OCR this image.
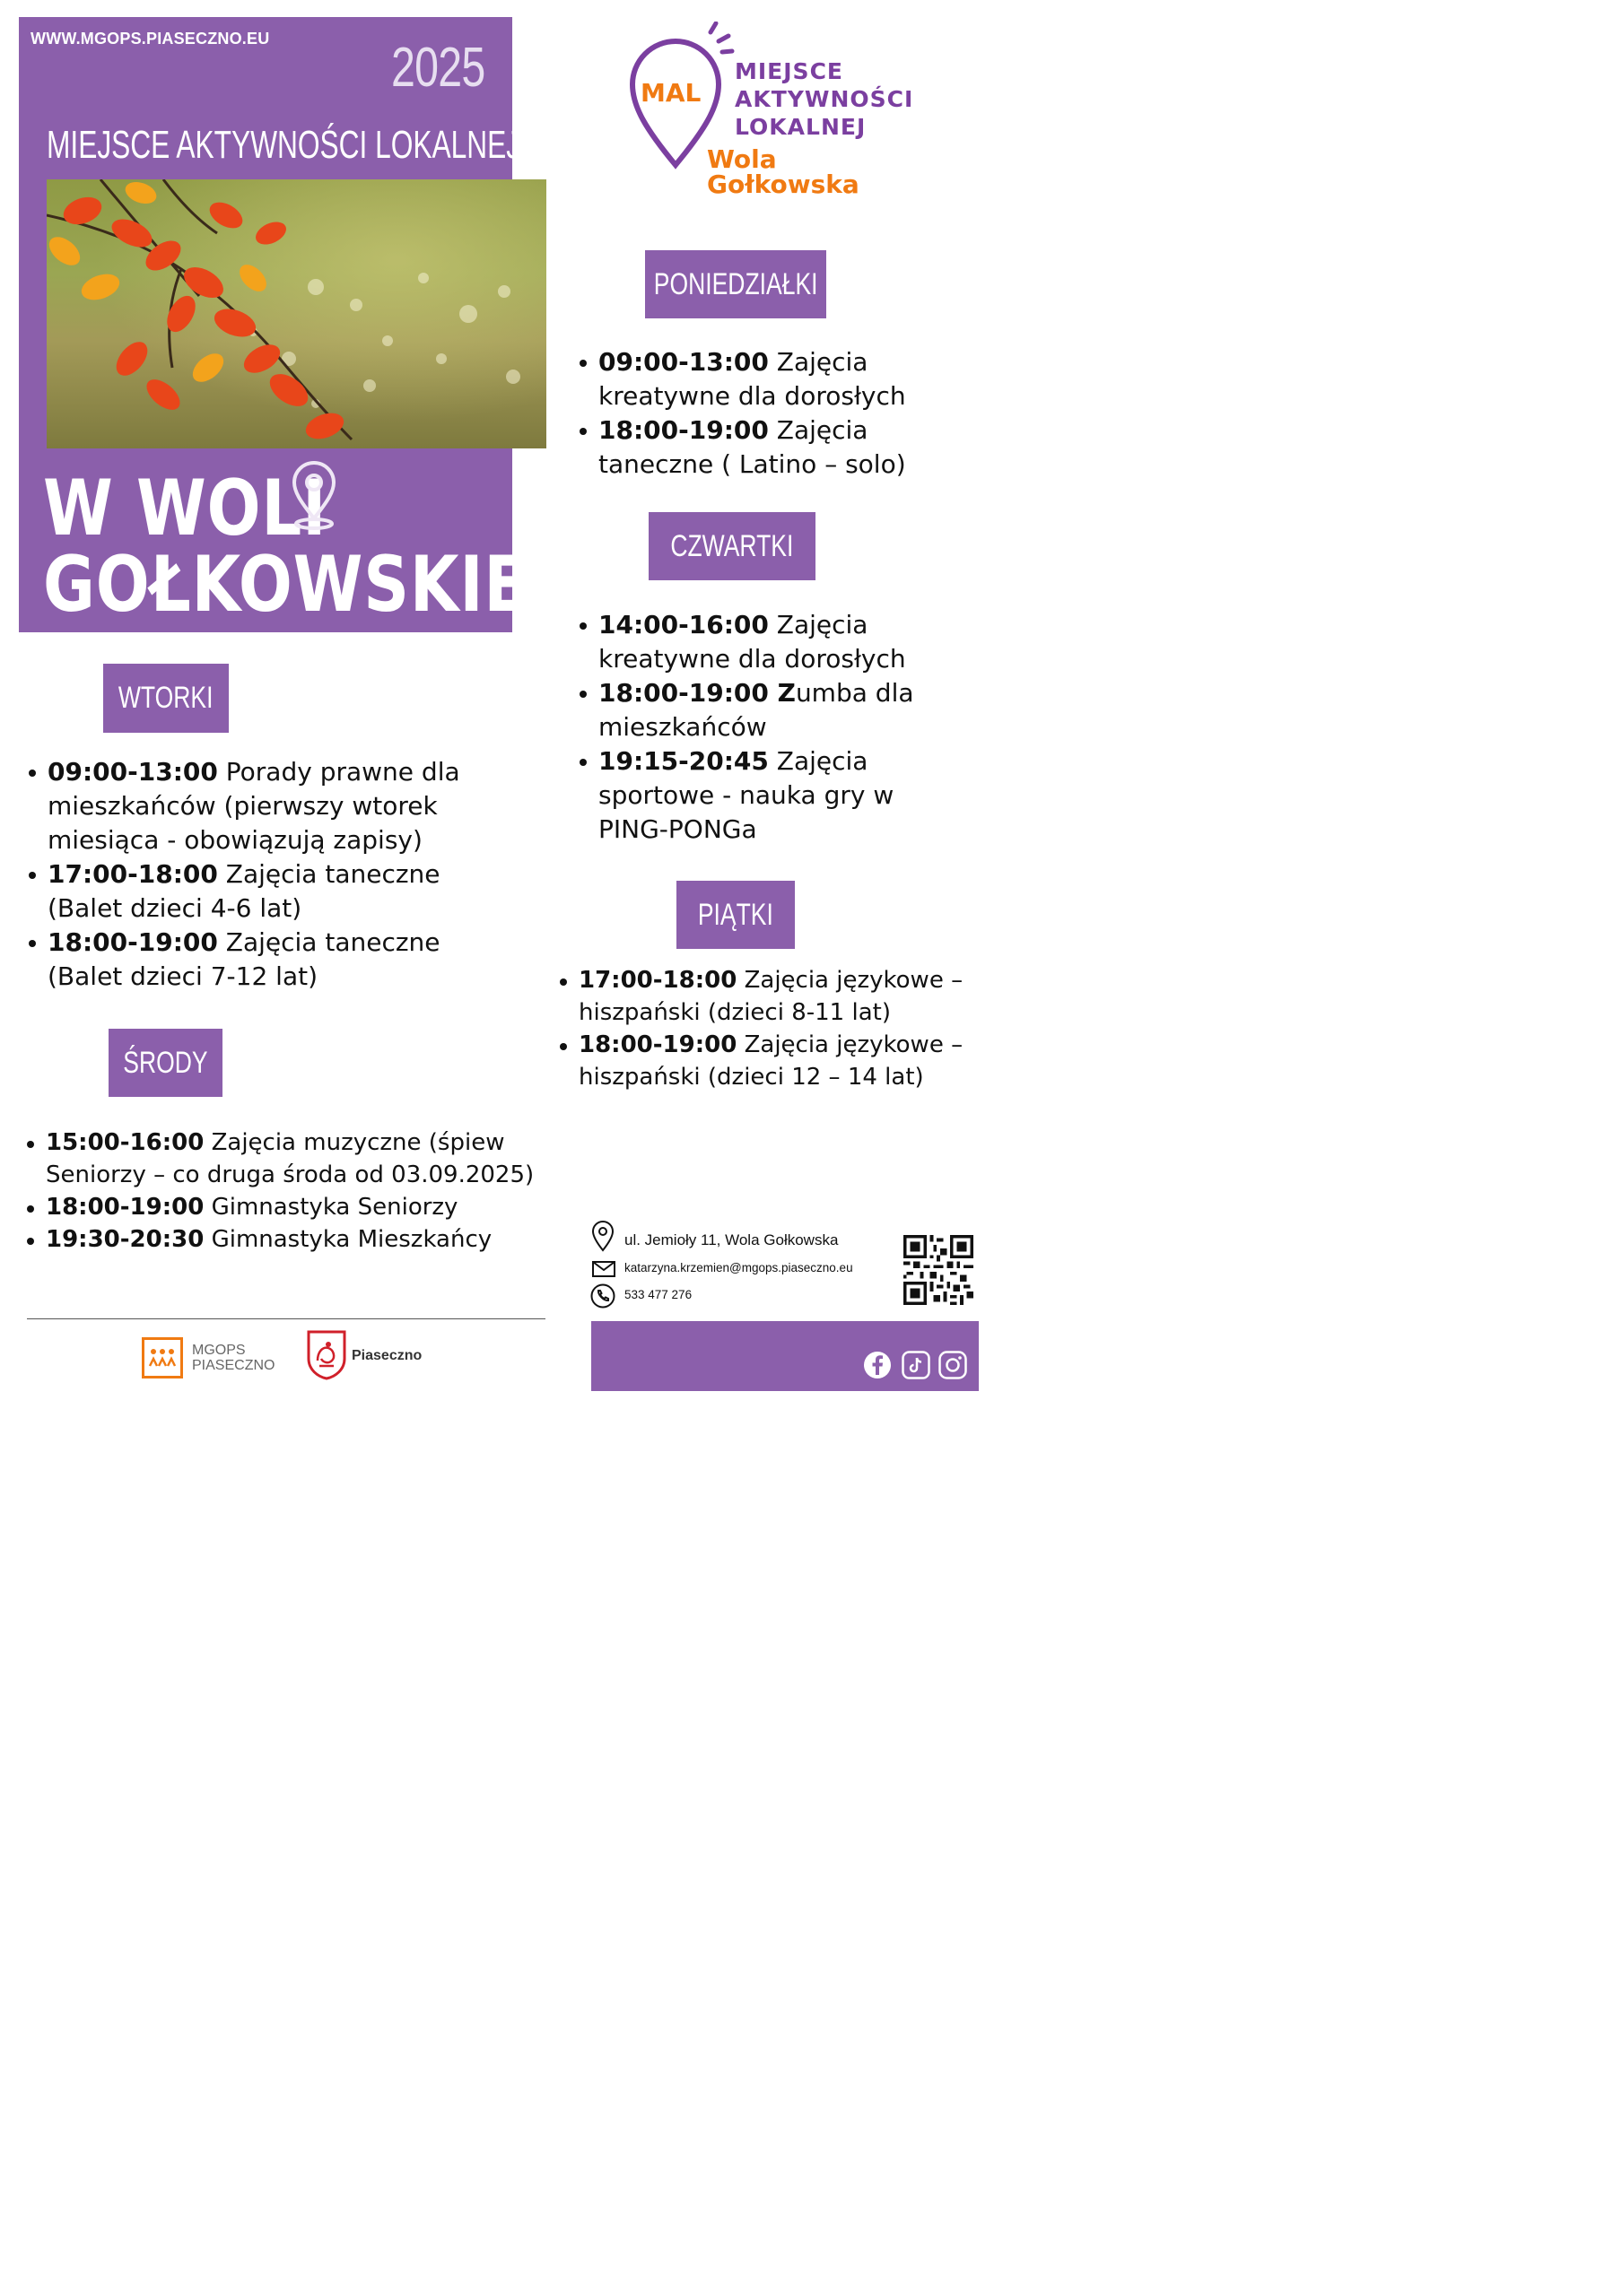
WWW.MGOPS.PIASECZNO.EU 2025
MIEJSCE AKTYWNOŚCI LOKALNEJ
W WOLI
GOŁKOWSKIEJ
MAL
MIEJSCE
AKTYWNOŚCI
LOKALNEJ
Wola
Gołkowska
PONIEDZIAŁKI
09:00-13:00 Zajęcia kreatywne dla dorosłych
18:00-19:00 Zajęcia taneczne ( Latino – solo)
CZWARTKI
14:00-16:00 Zajęcia kreatywne dla dorosłych
18:00-19:00 Zumba dla mieszkańców
19:15-20:45 Zajęcia sportowe - nauka gry w PING-PONGa
PIĄTKI
17:00-18:00 Zajęcia językowe – hiszpański (dzieci 8-11 lat)
18:00-19:00 Zajęcia językowe – hiszpański (dzieci 12 – 14 lat)
WTORKI
09:00-13:00 Porady prawne dla mieszkańców (pierwszy wtorek miesiąca - obowiązują zapisy)
17:00-18:00 Zajęcia taneczne (Balet dzieci 4-6 lat)
18:00-19:00 Zajęcia taneczne (Balet dzieci 7-12 lat)
ŚRODY
15:00-16:00 Zajęcia muzyczne (śpiew Seniorzy – co druga środa od 03.09.2025)
18:00-19:00 Gimnastyka Seniorzy
19:30-20:30 Gimnastyka Mieszkańcy	ul. Jemioły 11, Wola Gołkowska
katarzyna.krzemien@mgops.piaseczno.eu
533 477 276
MGOPS
PIASECZNO
Piaseczno
